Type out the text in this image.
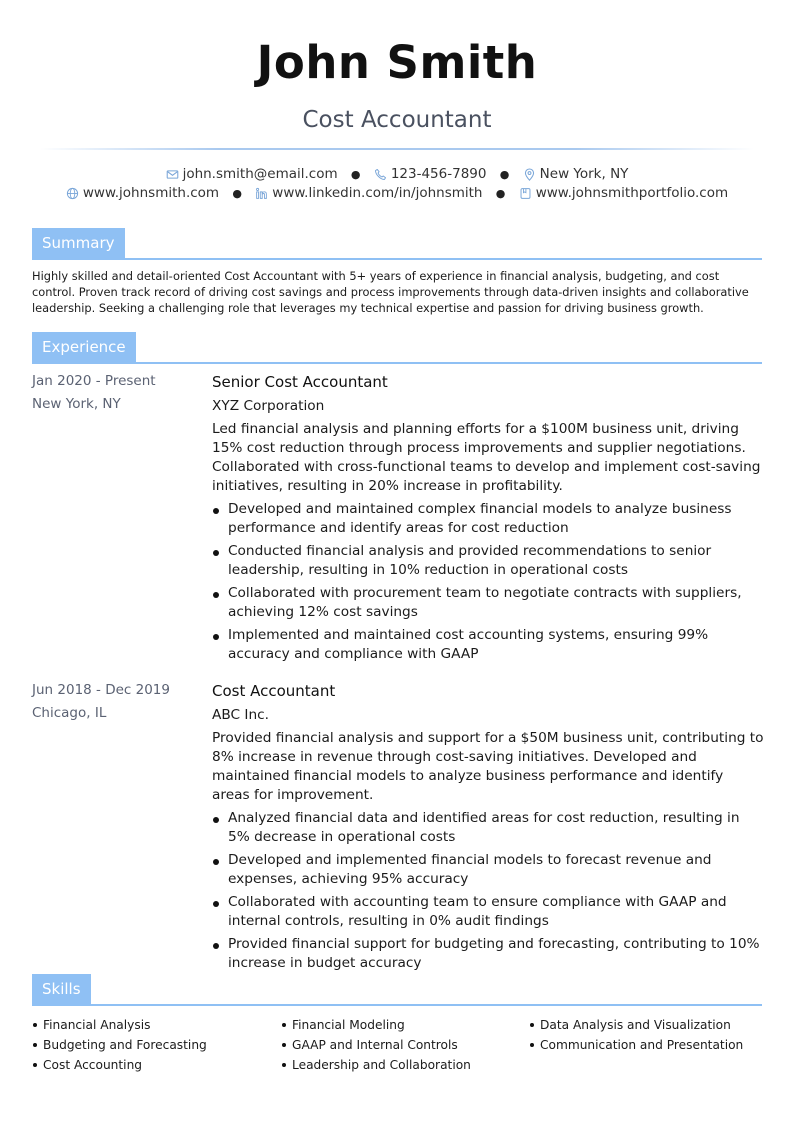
John Smith
Cost Accountant
john.smith@email.com ● 123-456-7890 ● New York, NY
www.johnsmith.com ● www.linkedin.com/in/johnsmith ● www.johnsmithportfolio.com
Summary
Highly skilled and detail-oriented Cost Accountant with 5+ years of experience in financial analysis, budgeting, and cost control. Proven track record of driving cost savings and process improvements through data-driven insights and collaborative leadership. Seeking a challenging role that leverages my technical expertise and passion for driving business growth.
Experience
Jan 2020 - Present
New York, NY
Senior Cost Accountant
XYZ Corporation
Led financial analysis and planning efforts for a $100M business unit, driving 15% cost reduction through process improvements and supplier negotiations. Collaborated with cross-functional teams to develop and implement cost-saving initiatives, resulting in 20% increase in profitability.
Developed and maintained complex financial models to analyze business performance and identify areas for cost reduction
Conducted financial analysis and provided recommendations to senior leadership, resulting in 10% reduction in operational costs
Collaborated with procurement team to negotiate contracts with suppliers, achieving 12% cost savings
Implemented and maintained cost accounting systems, ensuring 99% accuracy and compliance with GAAP
Jun 2018 - Dec 2019
Chicago, IL
Cost Accountant
ABC Inc.
Provided financial analysis and support for a $50M business unit, contributing to 8% increase in revenue through cost-saving initiatives. Developed and maintained financial models to analyze business performance and identify areas for improvement.
Analyzed financial data and identified areas for cost reduction, resulting in 5% decrease in operational costs
Developed and implemented financial models to forecast revenue and expenses, achieving 95% accuracy
Collaborated with accounting team to ensure compliance with GAAP and internal controls, resulting in 0% audit findings
Provided financial support for budgeting and forecasting, contributing to 10% increase in budget accuracy
Skills
Financial Analysis
Budgeting and Forecasting
Cost Accounting
Financial Modeling
GAAP and Internal Controls
Leadership and Collaboration
Data Analysis and Visualization
Communication and Presentation
